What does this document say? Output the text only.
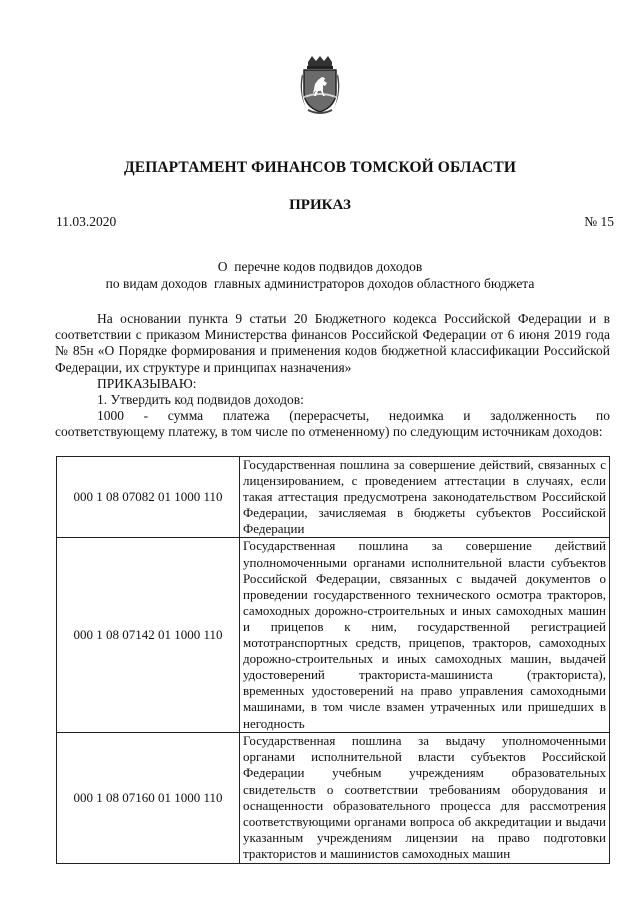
ДЕПАРТАМЕНТ ФИНАНСОВ ТОМСКОЙ ОБЛАСТИ
ПРИКАЗ
11.03.2020	№ 15
О  перечне кодов подвидов доходов
по видам доходов  главных администраторов доходов областного бюджета

На основании пункта 9 статьи 20 Бюджетного кодекса Российской Федерации и в соответствии с приказом Министерства финансов Российской Федерации от 6 июня 2019 года № 85н «О Порядке формирования и применения кодов бюджетной классификации Российской Федерации, их структуре и принципах назначения»

ПРИКАЗЫВАЮ:

1. Утвердить код подвидов доходов:

1000   -   сумма   платежа   (перерасчеты,   недоимка   и   задолженность   по соответствующему платежу, в том числе по отмененному) по следующим источникам доходов:

000 1 08 07082 01 1000 110	Государственная пошлина за совершение действий, связанных с лицензированием, с проведением аттестации в случаях, если такая аттестация предусмотрена законодательством Российской Федерации, зачисляемая в бюджеты субъектов Российской Федерации
000 1 08 07142 01 1000 110	Государственная пошлина за совершение действий уполномоченными органами исполнительной власти субъектов Российской Федерации, связанных с выдачей документов о проведении государственного технического осмотра тракторов, самоходных дорожно-строительных и иных самоходных машин и прицепов к ним, государственной регистрацией мототранспортных средств, прицепов, тракторов, самоходных дорожно-строительных и иных самоходных машин, выдачей удостоверений тракториста-машиниста (тракториста), временных удостоверений на право управления самоходными машинами, в том числе взамен утраченных или пришедших в негодность
000 1 08 07160 01 1000 110	Государственная пошлина за выдачу уполномоченными органами исполнительной власти субъектов Российской Федерации учебным учреждениям образовательных свидетельств о соответствии требованиям оборудования и оснащенности образовательного процесса для рассмотрения соответствующими органами вопроса об аккредитации и выдачи указанным учреждениям лицензии на право подготовки трактористов и машинистов самоходных машин
